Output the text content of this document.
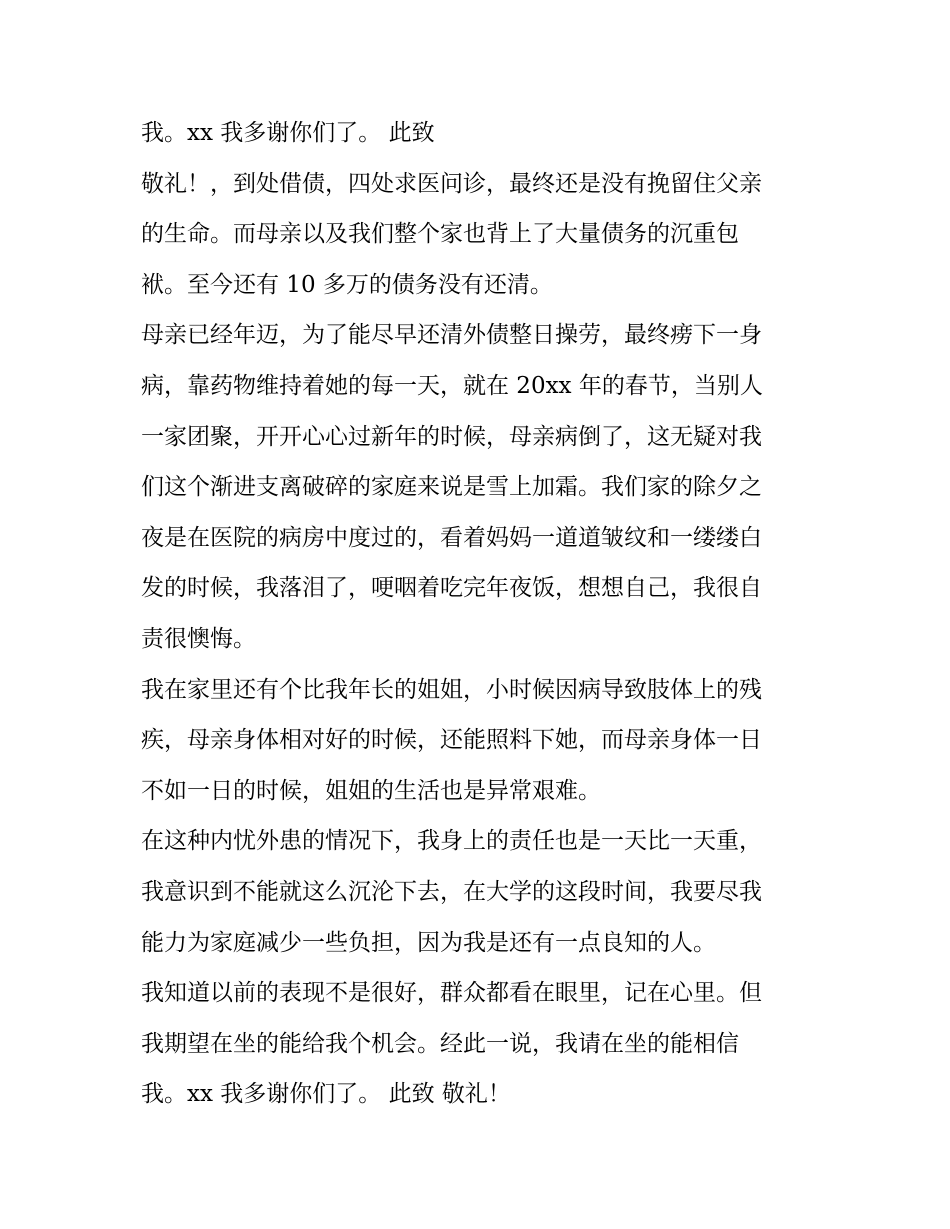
我。xx 我多谢你们了。 此致
敬礼！，到处借债，四处求医问诊，最终还是没有挽留住父亲
的生命。而母亲以及我们整个家也背上了大量债务的沉重包
袱。至今还有 10 多万的债务没有还清。
母亲已经年迈，为了能尽早还清外债整日操劳，最终痨下一身
病，靠药物维持着她的每一天，就在 20xx 年的春节，当别人
一家团聚，开开心心过新年的时候，母亲病倒了，这无疑对我
们这个渐进支离破碎的家庭来说是雪上加霜。我们家的除夕之
夜是在医院的病房中度过的，看着妈妈一道道皱纹和一缕缕白
发的时候，我落泪了，哽咽着吃完年夜饭，想想自己，我很自
责很懊悔。
我在家里还有个比我年长的姐姐，小时候因病导致肢体上的残
疾，母亲身体相对好的时候，还能照料下她，而母亲身体一日
不如一日的时候，姐姐的生活也是异常艰难。
在这种内忧外患的情况下，我身上的责任也是一天比一天重，
我意识到不能就这么沉沦下去，在大学的这段时间，我要尽我
能力为家庭减少一些负担，因为我是还有一点良知的人。
我知道以前的表现不是很好，群众都看在眼里，记在心里。但
我期望在坐的能给我个机会。经此一说，我请在坐的能相信
我。xx 我多谢你们了。 此致 敬礼！
